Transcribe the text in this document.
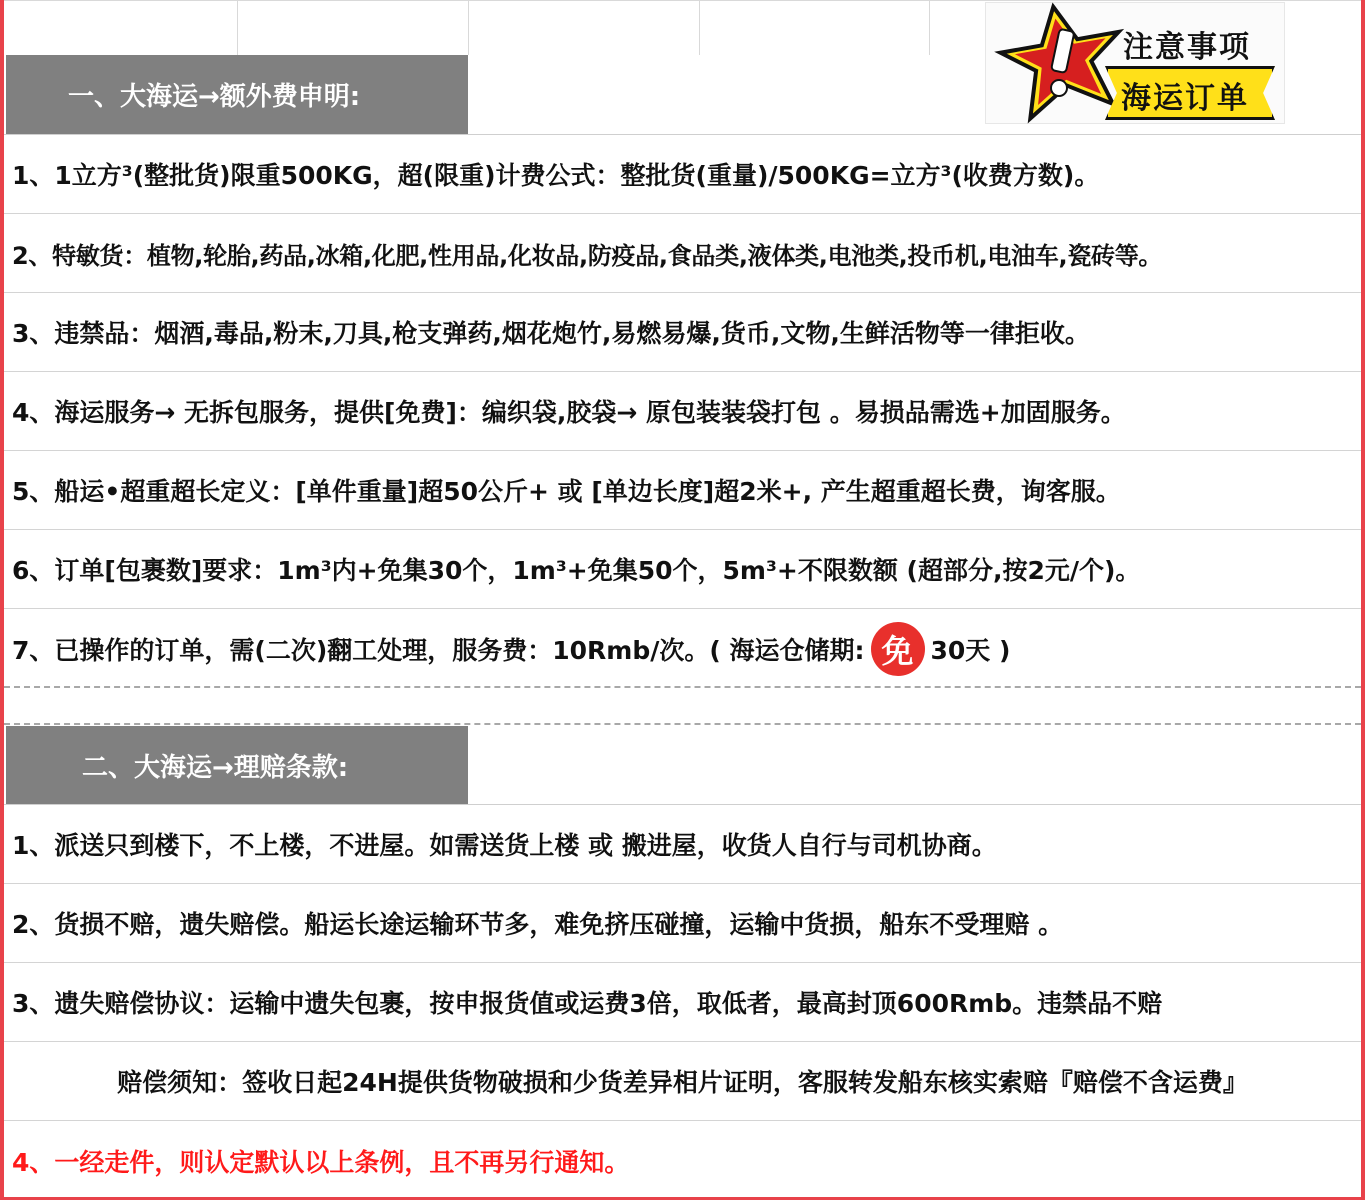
注意事项
海运订单
一、大海运→额外费申明:
1、1立方³(整批货)限重500KG，超(限重)计费公式：整批货(重量)/500KG=立方³(收费方数)。
2、特敏货：植物,轮胎,药品,冰箱,化肥,性用品,化妆品,防疫品,食品类,液体类,电池类,投币机,电油车,瓷砖等。
3、违禁品：烟酒,毒品,粉末,刀具,枪支弹药,烟花炮竹,易燃易爆,货币,文物,生鲜活物等一律拒收。
4、海运服务→ 无拆包服务，提供[免费]：编织袋,胶袋→ 原包装装袋打包 。易损品需选+加固服务。
5、船运•超重超长定义：[单件重量]超50公斤+ 或 [单边长度]超2米+, 产生超重超长费，询客服。
6、订单[包裹数]要求：1m³内+免集30个，1m³+免集50个，5m³+不限数额 (超部分,按2元/个)。
7、已操作的订单，需(二次)翻工处理，服务费：10Rmb/次。( 海运仓储期: 免 30天 )
二、大海运→理赔条款:
1、派送只到楼下，不上楼，不进屋。如需送货上楼 或 搬进屋，收货人自行与司机协商。
2、货损不赔，遗失赔偿。船运长途运输环节多，难免挤压碰撞，运输中货损，船东不受理赔 。
3、遗失赔偿协议：运输中遗失包裹，按申报货值或运费3倍，取低者，最高封顶600Rmb。违禁品不赔
赔偿须知：签收日起24H提供货物破损和少货差异相片证明，客服转发船东核实索赔『赔偿不含运费』
4、一经走件，则认定默认以上条例，且不再另行通知。
